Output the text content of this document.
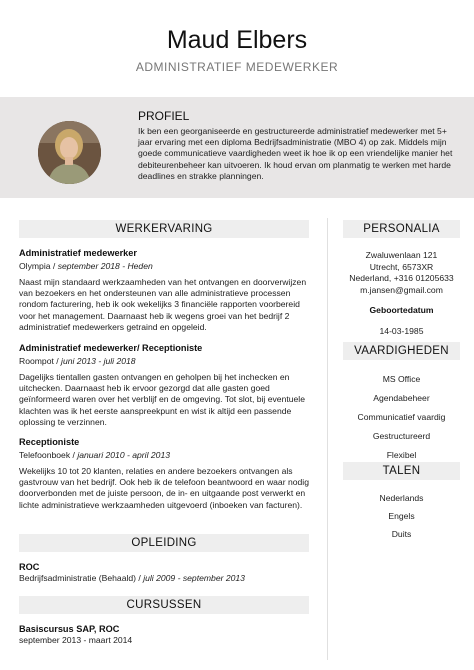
Maud Elbers
ADMINISTRATIEF MEDEWERKER
PROFIEL
Ik ben een georganiseerde en gestructureerde administratief medewerker met 5+ jaar ervaring met een diploma Bedrijfsadministratie (MBO 4) op zak. Middels mijn goede communicatieve vaardigheden weet ik hoe ik op een vriendelijke manier het debiteurenbeheer kan uitvoeren. Ik houd ervan om planmatig te werken met harde deadlines en strakke planningen.
WERKERVARING
Administratief medewerker
Olympia / september 2018 - Heden
Naast mijn standaard werkzaamheden van het ontvangen en doorverwijzen van bezoekers en het ondersteunen van alle administratieve processen rondom facturering, heb ik ook wekelijks 3 financiële rapporten voorbereid voor het management. Daarnaast heb ik wegens groei van het bedrijf 2 administratief medewerkers getraind en opgeleid.
Administratief medewerker/ Receptioniste
Roompot / juni 2013 - juli 2018
Dagelijks tientallen gasten ontvangen en geholpen bij het inchecken en uitchecken. Daarnaast heb ik ervoor gezorgd dat alle gasten goed geïnformeerd waren over het verblijf en de omgeving. Tot slot, bij eventuele klachten was ik het eerste aanspreekpunt en wist ik altijd een passende oplossing te verzinnen.
Receptioniste
Telefoonboek / januari 2010 - april 2013
Wekelijks 10 tot 20 klanten, relaties en andere bezoekers ontvangen als gastvrouw van het bedrijf. Ook heb ik de telefoon beantwoord en waar nodig doorverbonden met de juiste persoon, de in- en uitgaande post verwerkt en lichte administratieve werkzaamheden uitgevoerd (inboeken van facturen).
OPLEIDING
ROC
Bedrijfsadministratie (Behaald) / juli 2009 - september 2013
CURSUSSEN
Basiscursus SAP, ROC
september 2013 - maart 2014
PERSONALIA
Zwaluwenlaan 121
Utrecht, 6573XR
Nederland, +316 01205633
m.jansen@gmail.com
Geboortedatum
14-03-1985
VAARDIGHEDEN
MS Office
Agendabeheer
Communicatief vaardig
Gestructureerd
Flexibel
TALEN
Nederlands
Engels
Duits
